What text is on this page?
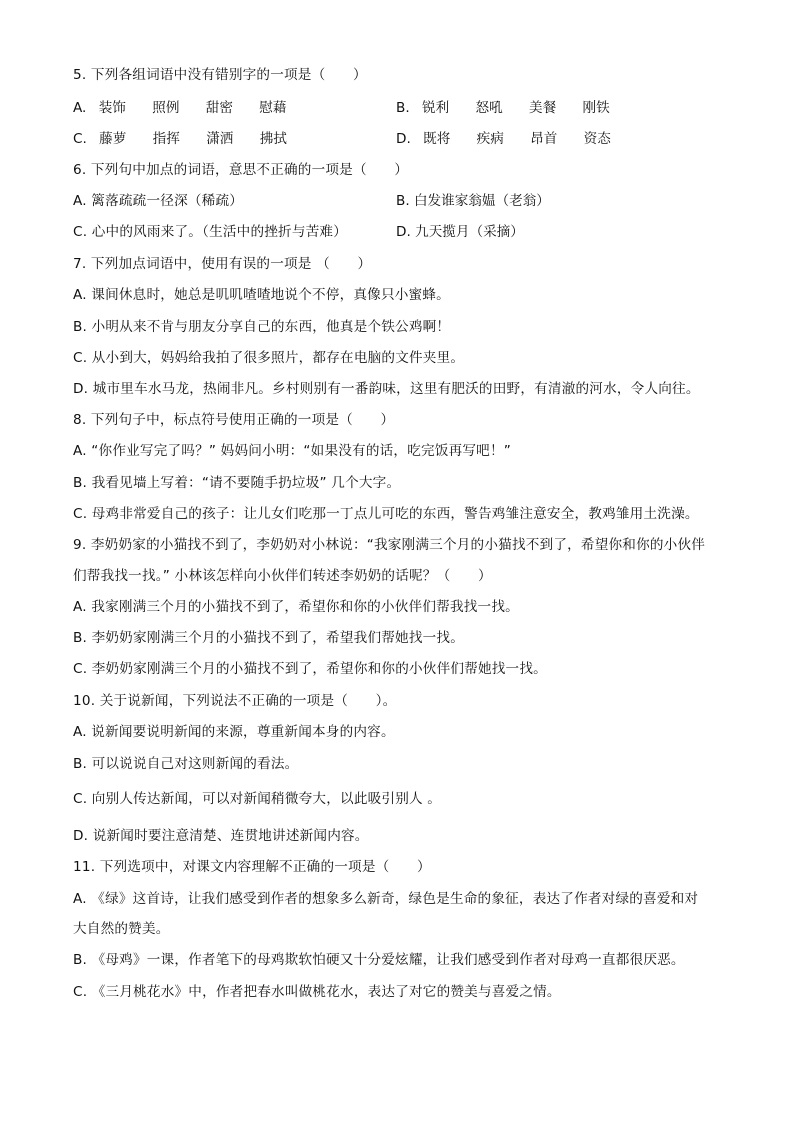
5. 下列各组词语中没有错别字的一项是（　　）
A. 装饰 照例 甜密 慰藉	B. 锐利 怒吼 美餐 刚铁
C. 藤萝 指挥 潇洒 拂拭	D. 既将 疾病 昂首 资态
6. 下列句中加点的词语，意思不正确的一项是（　　）
A. 篱落疏疏一径深（稀疏）	B. 白发谁家翁媪（老翁）
C. 心中的风雨来了。（生活中的挫折与苦难）	D. 九天揽月（采摘）
7. 下列加点词语中，使用有误的一项是 （　　）
A. 课间休息时，她总是叽叽喳喳地说个不停，真像只小蜜蜂。
B. 小明从来不肯与朋友分享自己的东西，他真是个铁公鸡啊！
C. 从小到大，妈妈给我拍了很多照片，都存在电脑的文件夹里。
D. 城市里车水马龙，热闹非凡。乡村则别有一番韵味，这里有肥沃的田野，有清澈的河水，令人向往。
8. 下列句子中，标点符号使用正确的一项是（　　）
A. “你作业写完了吗？” 妈妈问小明：“如果没有的话，吃完饭再写吧！”
B. 我看见墙上写着：“请不要随手扔垃圾” 几个大字。
C. 母鸡非常爱自己的孩子：让儿女们吃那一丁点儿可吃的东西，警告鸡雏注意安全，教鸡雏用土洗澡。
9. 李奶奶家的小猫找不到了，李奶奶对小林说：“我家刚满三个月的小猫找不到了，希望你和你的小伙伴
们帮我找一找。” 小林该怎样向小伙伴们转述李奶奶的话呢？（　　）
A. 我家刚满三个月的小猫找不到了，希望你和你的小伙伴们帮我找一找。
B. 李奶奶家刚满三个月的小猫找不到了，希望我们帮她找一找。
C. 李奶奶家刚满三个月的小猫找不到了，希望你和你的小伙伴们帮她找一找。
10. 关于说新闻，下列说法不正确的一项是（　　）。
A. 说新闻要说明新闻的来源，尊重新闻本身的内容。
B. 可以说说自己对这则新闻的看法。
C. 向别人传达新闻，可以对新闻稍微夸大，以此吸引别人 。
D. 说新闻时要注意清楚、连贯地讲述新闻内容。
11. 下列选项中，对课文内容理解不正确的一项是（　　）
A. 《绿》这首诗，让我们感受到作者的想象多么新奇，绿色是生命的象征，表达了作者对绿的喜爱和对
大自然的赞美。
B. 《母鸡》一课，作者笔下的母鸡欺软怕硬又十分爱炫耀，让我们感受到作者对母鸡一直都很厌恶。
C. 《三月桃花水》中，作者把春水叫做桃花水，表达了对它的赞美与喜爱之情。
